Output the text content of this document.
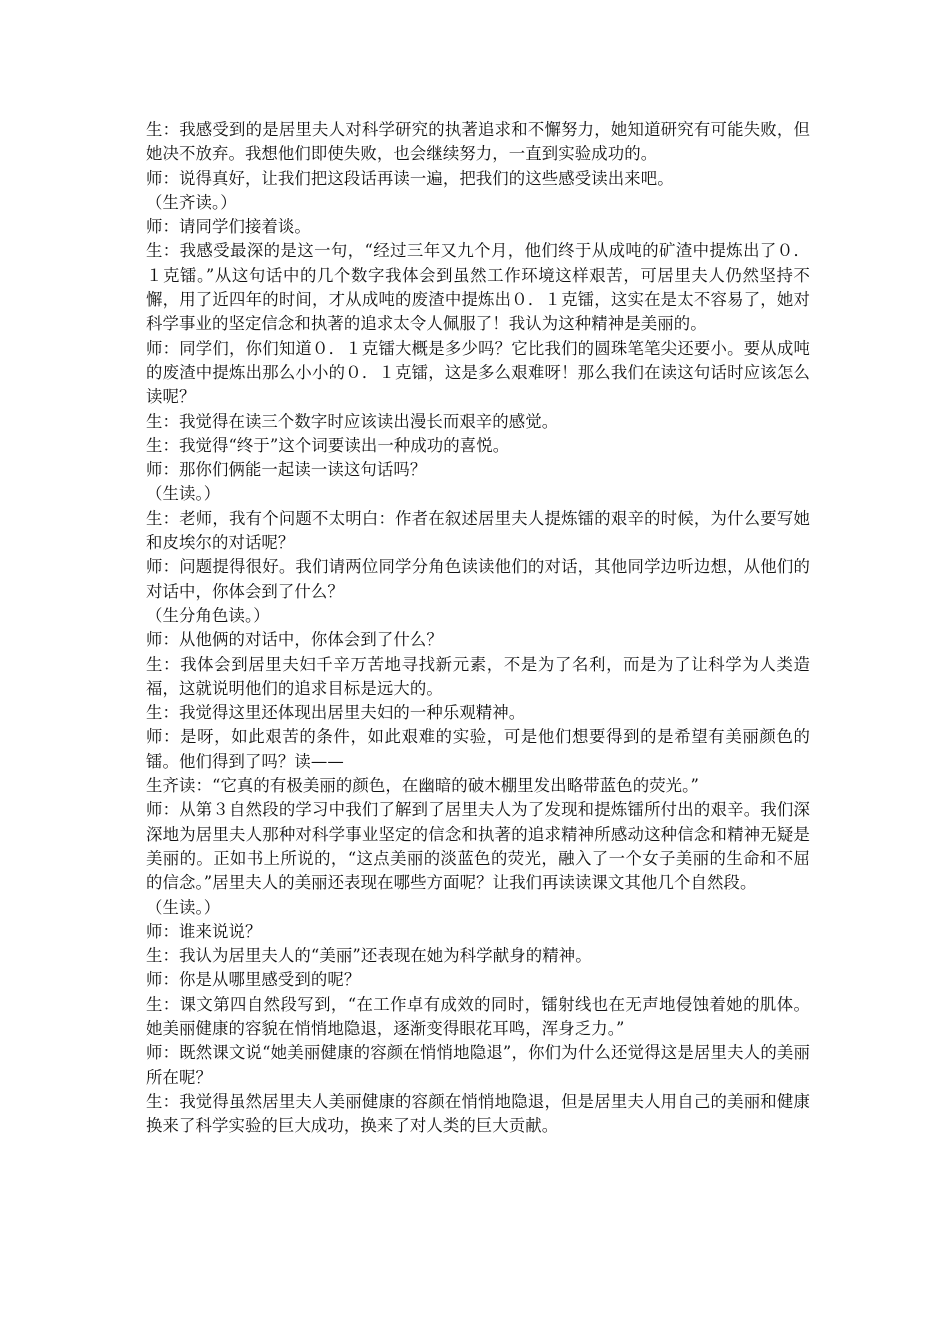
生：我感受到的是居里夫人对科学研究的执著追求和不懈努力，她知道研究有可能失败，但她决不放弃。我想他们即使失败，也会继续努力，一直到实验成功的。

师：说得真好，让我们把这段话再读一遍，把我们的这些感受读出来吧。

（生齐读。）

师：请同学们接着谈。

生：我感受最深的是这一句，“经过三年又九个月，他们终于从成吨的矿渣中提炼出了０．１克镭。”从这句话中的几个数字我体会到虽然工作环境这样艰苦，可居里夫人仍然坚持不懈，用了近四年的时间，才从成吨的废渣中提炼出０．１克镭，这实在是太不容易了，她对科学事业的坚定信念和执著的追求太令人佩服了！我认为这种精神是美丽的。

师：同学们，你们知道０．１克镭大概是多少吗？它比我们的圆珠笔笔尖还要小。要从成吨的废渣中提炼出那么小小的０．１克镭，这是多么艰难呀！那么我们在读这句话时应该怎么读呢？

生：我觉得在读三个数字时应该读出漫长而艰辛的感觉。

生：我觉得“终于”这个词要读出一种成功的喜悦。

师：那你们俩能一起读一读这句话吗？

（生读。）

生：老师，我有个问题不太明白：作者在叙述居里夫人提炼镭的艰辛的时候，为什么要写她和皮埃尔的对话呢？

师：问题提得很好。我们请两位同学分角色读读他们的对话，其他同学边听边想，从他们的对话中，你体会到了什么？

（生分角色读。）

师：从他俩的对话中，你体会到了什么？

生：我体会到居里夫妇千辛万苦地寻找新元素，不是为了名利，而是为了让科学为人类造福，这就说明他们的追求目标是远大的。

生：我觉得这里还体现出居里夫妇的一种乐观精神。

师：是呀，如此艰苦的条件，如此艰难的实验，可是他们想要得到的是希望有美丽颜色的镭。他们得到了吗？读——

生齐读：“它真的有极美丽的颜色，在幽暗的破木棚里发出略带蓝色的荧光。”

师：从第３自然段的学习中我们了解到了居里夫人为了发现和提炼镭所付出的艰辛。我们深深地为居里夫人那种对科学事业坚定的信念和执著的追求精神所感动这种信念和精神无疑是美丽的。正如书上所说的，“这点美丽的淡蓝色的荧光，融入了一个女子美丽的生命和不屈的信念。”居里夫人的美丽还表现在哪些方面呢？让我们再读读课文其他几个自然段。

（生读。）

师：谁来说说？

生：我认为居里夫人的“美丽”还表现在她为科学献身的精神。

师：你是从哪里感受到的呢？

生：课文第四自然段写到，“在工作卓有成效的同时，镭射线也在无声地侵蚀着她的肌体。她美丽健康的容貌在悄悄地隐退，逐渐变得眼花耳鸣，浑身乏力。”

师：既然课文说“她美丽健康的容颜在悄悄地隐退”，你们为什么还觉得这是居里夫人的美丽所在呢？

生：我觉得虽然居里夫人美丽健康的容颜在悄悄地隐退，但是居里夫人用自己的美丽和健康换来了科学实验的巨大成功，换来了对人类的巨大贡献。
